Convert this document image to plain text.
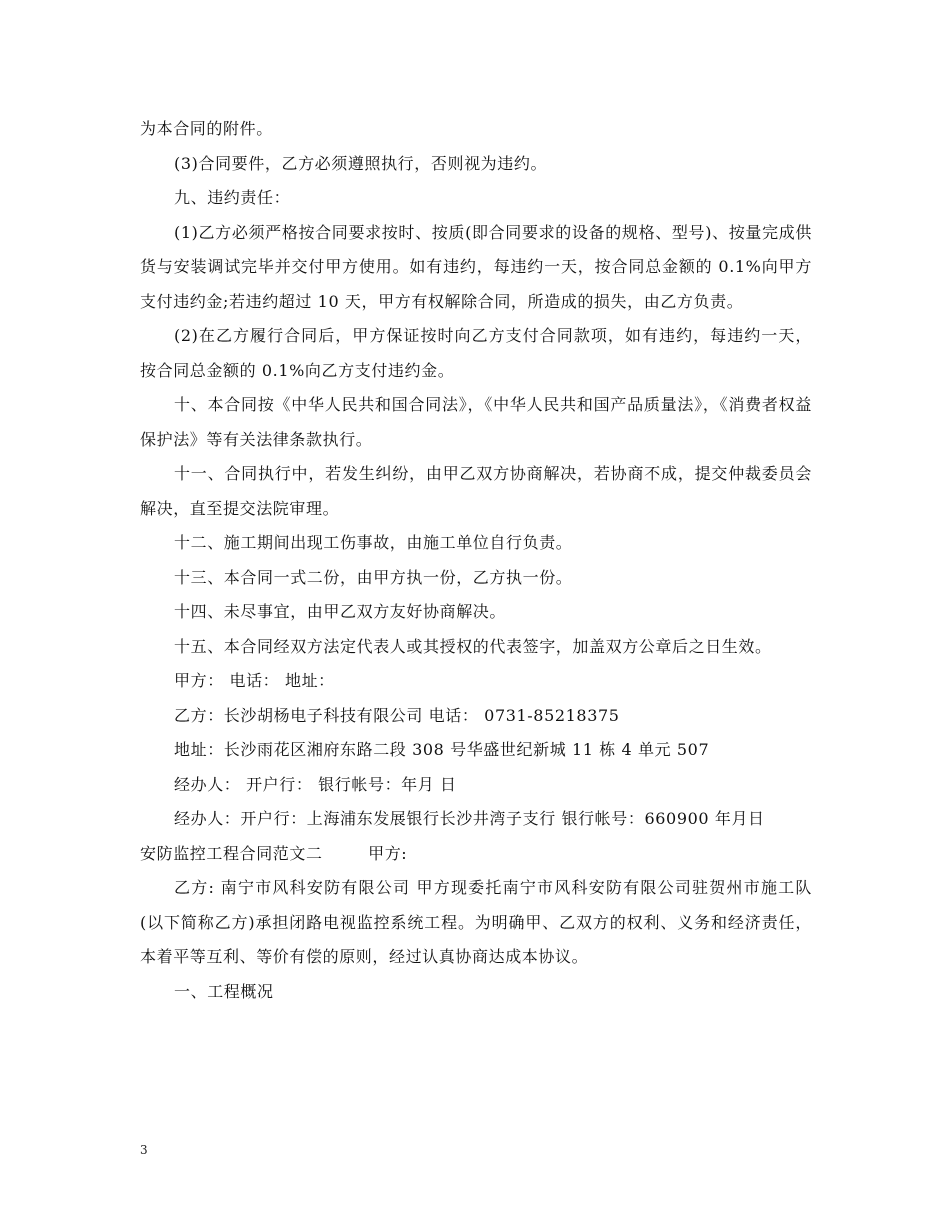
为本合同的附件。

(3)合同要件，乙方必须遵照执行，否则视为违约。

九、违约责任：

(1)乙方必须严格按合同要求按时、按质(即合同要求的设备的规格、型号)、按量完成供货与安装调试完毕并交付甲方使用。如有违约，每违约一天，按合同总金额的 0.1%向甲方支付违约金;若违约超过 10 天，甲方有权解除合同，所造成的损失，由乙方负责。

(2)在乙方履行合同后，甲方保证按时向乙方支付合同款项，如有违约，每违约一天，按合同总金额的 0.1%向乙方支付违约金。

十、本合同按《中华人民共和国合同法》，《中华人民共和国产品质量法》，《消费者权益保护法》等有关法律条款执行。

十一、合同执行中，若发生纠纷，由甲乙双方协商解决，若协商不成，提交仲裁委员会解决，直至提交法院审理。

十二、施工期间出现工伤事故，由施工单位自行负责。

十三、本合同一式二份，由甲方执一份，乙方执一份。

十四、未尽事宜，由甲乙双方友好协商解决。

十五、本合同经双方法定代表人或其授权的代表签字，加盖双方公章后之日生效。

甲方： 电话： 地址：

乙方：长沙胡杨电子科技有限公司 电话： 0731-85218375

地址：长沙雨花区湘府东路二段 308 号华盛世纪新城 11 栋 4 单元 507

经办人： 开户行： 银行帐号：年月 日

经办人：开户行：上海浦东发展银行长沙井湾子支行 银行帐号：660900 年月日

安防监控工程合同范文二        甲方:

乙方: 南宁市风科安防有限公司 甲方现委托南宁市风科安防有限公司驻贺州市施工队(以下简称乙方)承担闭路电视监控系统工程。为明确甲、乙双方的权利、义务和经济责任，本着平等互利、等价有偿的原则，经过认真协商达成本协议。

一、工程概况

3
